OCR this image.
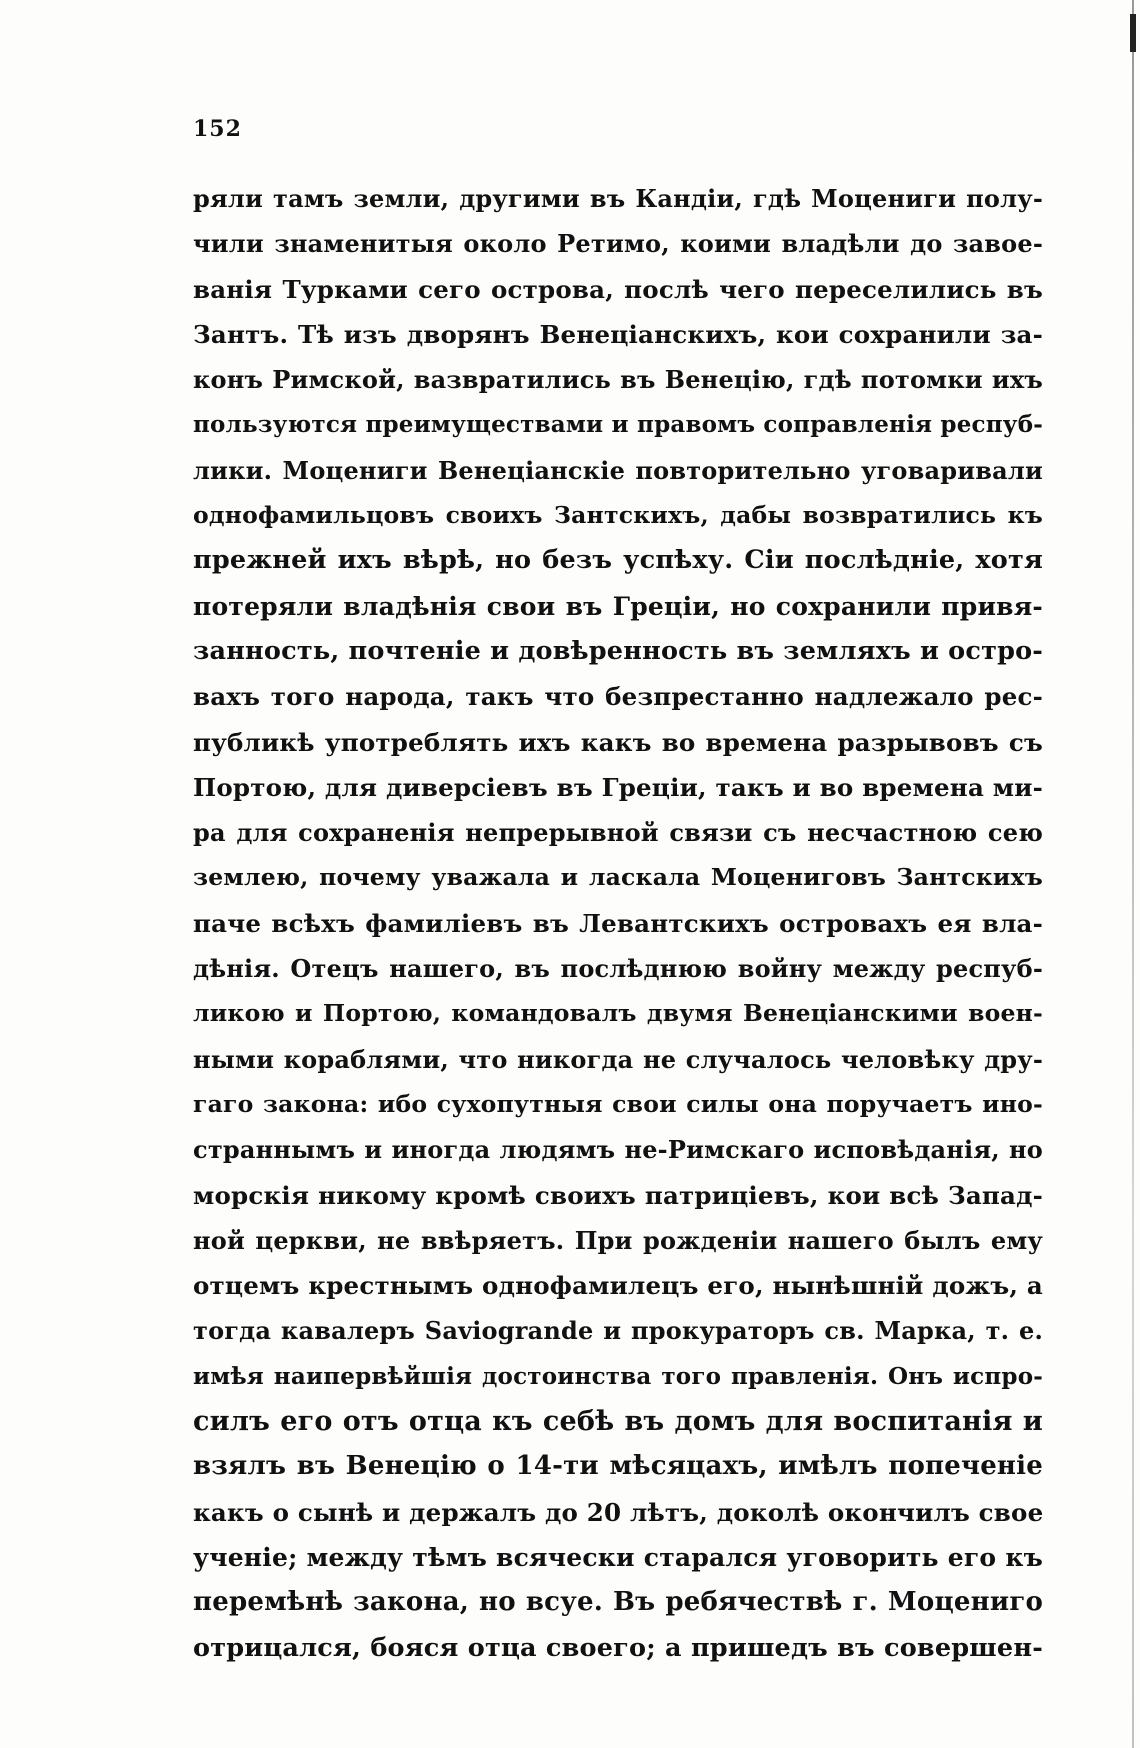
152
ряли тамъ земли, другими въ Кандіи, гдѣ Моцениги полу-
чили знаменитыя около Ретимо, коими владѣли до завое-
ванія Турками сего острова, послѣ чего переселились въ
Зантъ. Тѣ изъ дворянъ Венеціанскихъ, кои сохранили за-
конъ Римской, вазвратились въ Венецію, гдѣ потомки ихъ
пользуются преимуществами и правомъ соправленія респуб-
лики. Моцениги Венеціанскіе повторительно уговаривали
однофамильцовъ своихъ Зантскихъ, дабы возвратились къ
прежней ихъ вѣрѣ, но безъ успѣху. Сіи послѣдніе, хотя
потеряли владѣнія свои въ Греціи, но сохранили привя-
занность, почтеніе и довѣренность въ земляхъ и остро-
вахъ того народа, такъ что безпрестанно надлежало рес-
публикѣ употреблять ихъ какъ во времена разрывовъ съ
Портою, для диверсіевъ въ Греціи, такъ и во времена ми-
ра для сохраненія непрерывной связи съ несчастною сею
землею, почему уважала и ласкала Моцениговъ Зантскихъ
паче всѣхъ фамиліевъ въ Левантскихъ островахъ ея вла-
дѣнія. Отецъ нашего, въ послѣднюю войну между респуб-
ликою и Портою, командовалъ двумя Венеціанскими воен-
ными кораблями, что никогда не случалось человѣку дру-
гаго закона: ибо сухопутныя свои силы она поручаетъ ино-
страннымъ и иногда людямъ не-Римскаго исповѣданія, но
морскія никому кромѣ своихъ патриціевъ, кои всѣ Запад-
ной церкви, не ввѣряетъ. При рожденіи нашего былъ ему
отцемъ крестнымъ однофамилецъ его, нынѣшній дожъ, а
тогда кавалеръ Saviogrande и прокураторъ св. Марка, т. е.
имѣя наипервѣйшія достоинства того правленія. Онъ испро-
силъ его отъ отца къ себѣ въ домъ для воспитанія и
взялъ въ Венецію о 14-ти мѣсяцахъ, имѣлъ попеченіе
какъ о сынѣ и держалъ до 20 лѣтъ, доколѣ окончилъ свое
ученіе; между тѣмъ всячески старался уговорить его къ
перемѣнѣ закона, но всуе. Въ ребячествѣ г. Моцениго
отрицался, бояся отца своего; а пришедъ въ совершен-
